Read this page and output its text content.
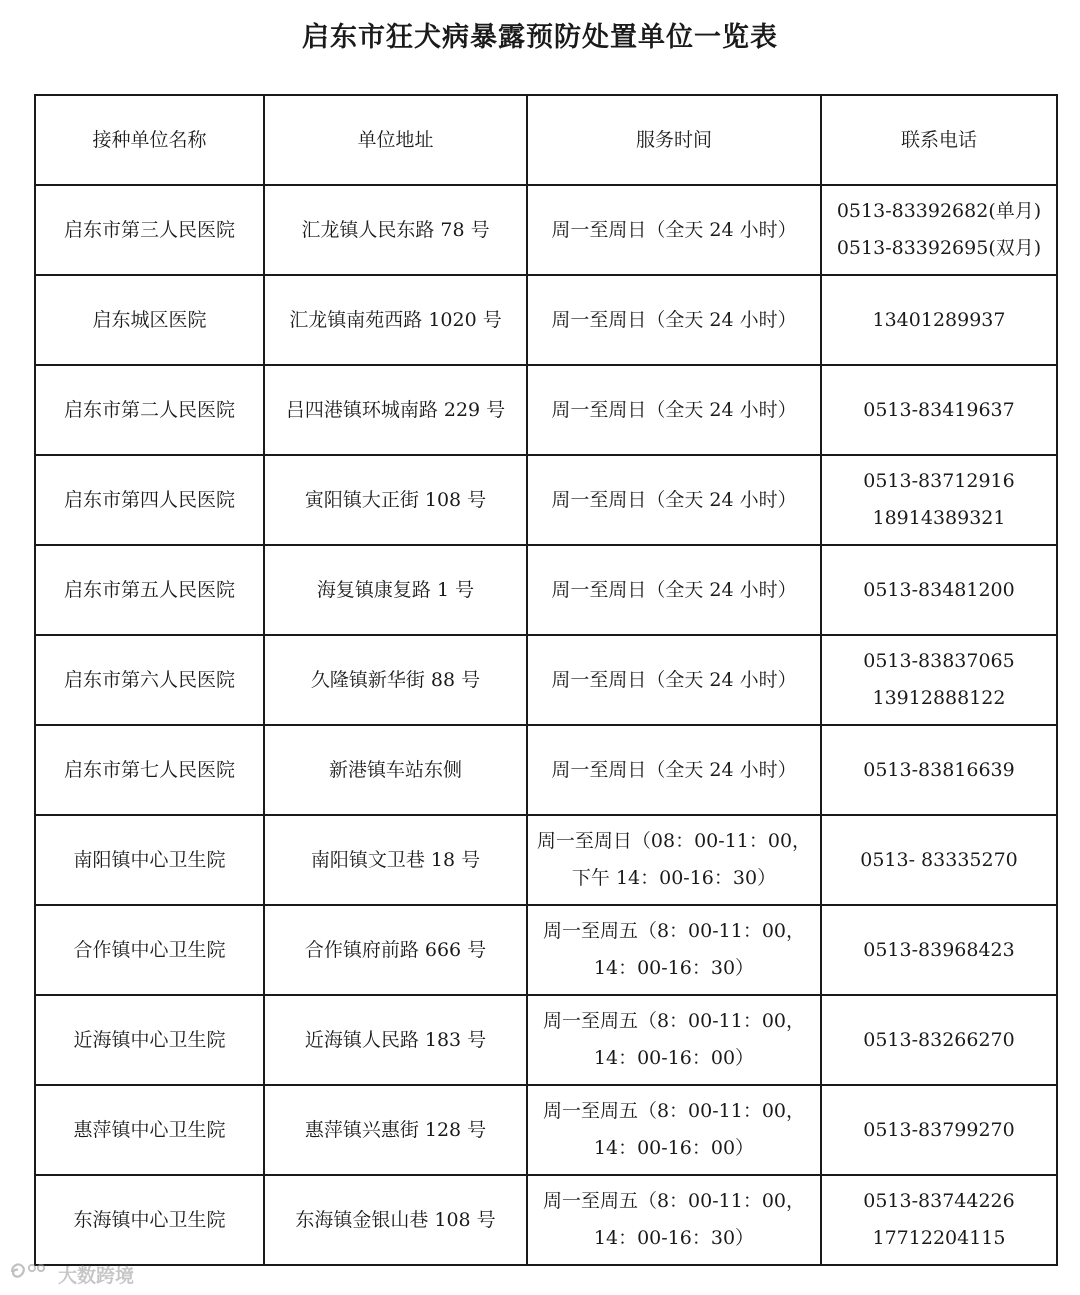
启东市狂犬病暴露预防处置单位一览表
接种单位名称	单位地址	服务时间	联系电话
启东市第三人民医院	汇龙镇人民东路 78 号	周一至周日（全天 24 小时）	0513-83392682(单月)
0513-83392695(双月)

启东城区医院	汇龙镇南苑西路 1020 号	周一至周日（全天 24 小时）	13401289937

启东市第二人民医院	吕四港镇环城南路 229 号	周一至周日（全天 24 小时）	0513-83419637

启东市第四人民医院	寅阳镇大正街 108 号	周一至周日（全天 24 小时）	0513-83712916
18914389321

启东市第五人民医院	海复镇康复路 1 号	周一至周日（全天 24 小时）	0513-83481200

启东市第六人民医院	久隆镇新华街 88 号	周一至周日（全天 24 小时）	0513-83837065
13912888122

启东市第七人民医院	新港镇车站东侧	周一至周日（全天 24 小时）	0513-83816639

南阳镇中心卫生院	南阳镇文卫巷 18 号	周一至周日（08：00-11：00，
下午 14：00-16：30）	0513- 83335270

合作镇中心卫生院	合作镇府前路 666 号	周一至周五（8：00-11：00，
14：00-16：30）	0513-83968423

近海镇中心卫生院	近海镇人民路 183 号	周一至周五（8：00-11：00，
14：00-16：00）	0513-83266270

惠萍镇中心卫生院	惠萍镇兴惠街 128 号	周一至周五（8：00-11：00，
14：00-16：00）	0513-83799270

东海镇中心卫生院	东海镇金银山巷 108 号	周一至周五（8：00-11：00，
14：00-16：30）	0513-83744226
17712204115
大数跨境
